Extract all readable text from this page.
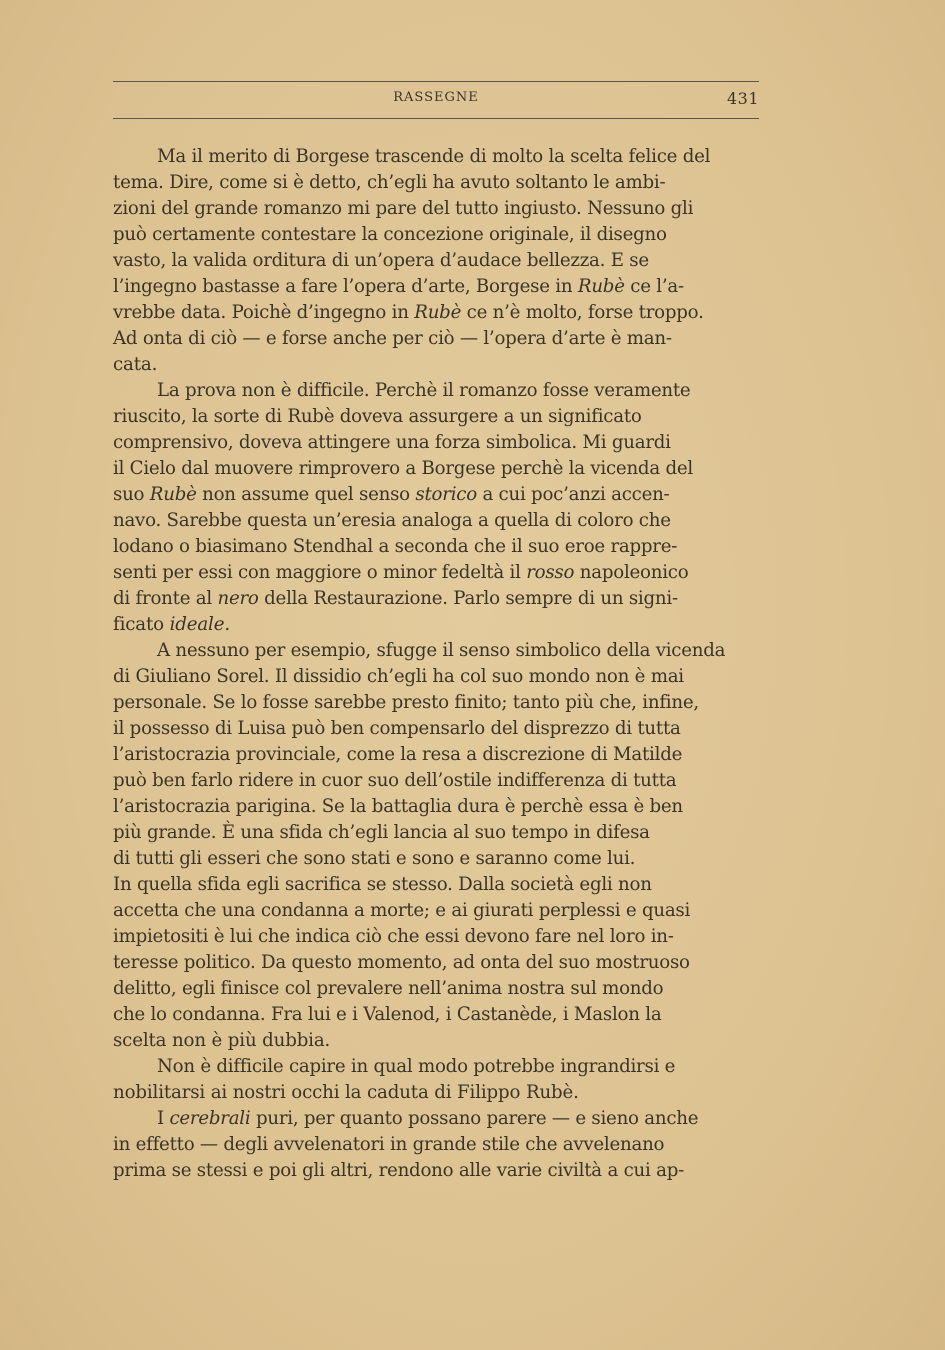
RASSEGNE	431
Ma il merito di Borgese trascende di molto la scelta felice del
tema. Dire, come si è detto, ch’egli ha avuto soltanto le ambi-
zioni del grande romanzo mi pare del tutto ingiusto. Nessuno gli
può certamente contestare la concezione originale, il disegno
vasto, la valida orditura di un’opera d’audace bellezza. E se
l’ingegno bastasse a fare l’opera d’arte, Borgese in Rubè ce l’a-
vrebbe data. Poichè d’ingegno in Rubè ce n’è molto, forse troppo.
Ad onta di ciò — e forse anche per ciò — l’opera d’arte è man-
cata.
La prova non è difficile. Perchè il romanzo fosse veramente
riuscito, la sorte di Rubè doveva assurgere a un significato
comprensivo, doveva attingere una forza simbolica. Mi guardi
il Cielo dal muovere rimprovero a Borgese perchè la vicenda del
suo Rubè non assume quel senso storico a cui poc’anzi accen-
navo. Sarebbe questa un’eresia analoga a quella di coloro che
lodano o biasimano Stendhal a seconda che il suo eroe rappre-
senti per essi con maggiore o minor fedeltà il rosso napoleonico
di fronte al nero della Restaurazione. Parlo sempre di un signi-
ficato ideale.
A nessuno per esempio, sfugge il senso simbolico della vicenda
di Giuliano Sorel. Il dissidio ch’egli ha col suo mondo non è mai
personale. Se lo fosse sarebbe presto finito; tanto più che, infine,
il possesso di Luisa può ben compensarlo del disprezzo di tutta
l’aristocrazia provinciale, come la resa a discrezione di Matilde
può ben farlo ridere in cuor suo dell’ostile indifferenza di tutta
l’aristocrazia parigina. Se la battaglia dura è perchè essa è ben
più grande. È una sfida ch’egli lancia al suo tempo in difesa
di tutti gli esseri che sono stati e sono e saranno come lui.
In quella sfida egli sacrifica se stesso. Dalla società egli non
accetta che una condanna a morte; e ai giurati perplessi e quasi
impietositi è lui che indica ciò che essi devono fare nel loro in-
teresse politico. Da questo momento, ad onta del suo mostruoso
delitto, egli finisce col prevalere nell’anima nostra sul mondo
che lo condanna. Fra lui e i Valenod, i Castanède, i Maslon la
scelta non è più dubbia.
Non è difficile capire in qual modo potrebbe ingrandirsi e
nobilitarsi ai nostri occhi la caduta di Filippo Rubè.
I cerebrali puri, per quanto possano parere — e sieno anche
in effetto — degli avvelenatori in grande stile che avvelenano
prima se stessi e poi gli altri, rendono alle varie civiltà a cui ap-
